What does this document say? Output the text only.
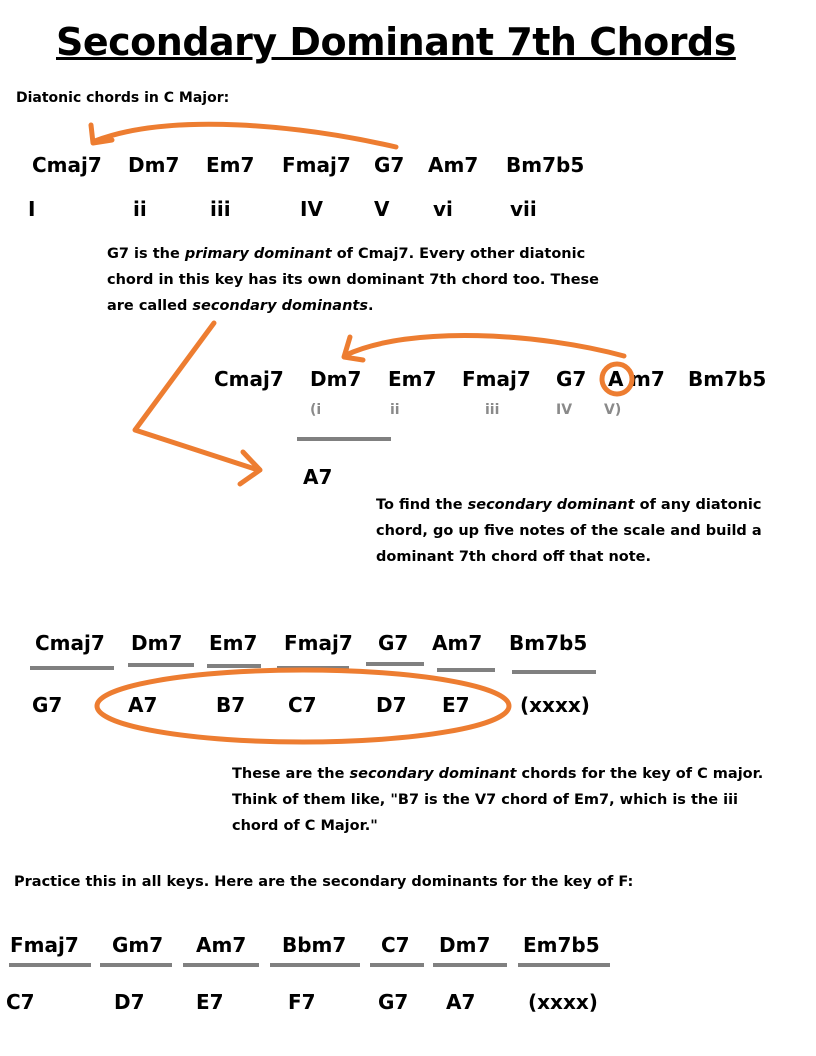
Secondary Dominant 7th Chords
Diatonic chords in C Major:
Cmaj7 Dm7 Em7 Fmaj7 G7 Am7 Bm7b5
I	ii	iii	IV	V vi	vii
G7 is the primary dominant of Cmaj7. Every other diatonic
chord in this key has its own dominant 7th chord too. These
are called secondary dominants.
Cmaj7 Dm7 Em7 Fmaj7 G7 A m7 Bm7b5
(i	ii	iii	IV V)
A7
To find the secondary dominant of any diatonic
chord, go up five notes of the scale and build a
dominant 7th chord off that note.
Cmaj7 Dm7 Em7 Fmaj7 G7 Am7 Bm7b5
G7	A7	B7 C7	D7 E7	(xxxx)
These are the secondary dominant chords for the key of C major.
Think of them like, "B7 is the V7 chord of Em7, which is the iii
chord of C Major."
Practice this in all keys. Here are the secondary dominants for the key of F:
Fmaj7 Gm7 Am7 Bbm7 C7 Dm7 Em7b5
C7	D7	E7	F7	G7 A7	(xxxx)
